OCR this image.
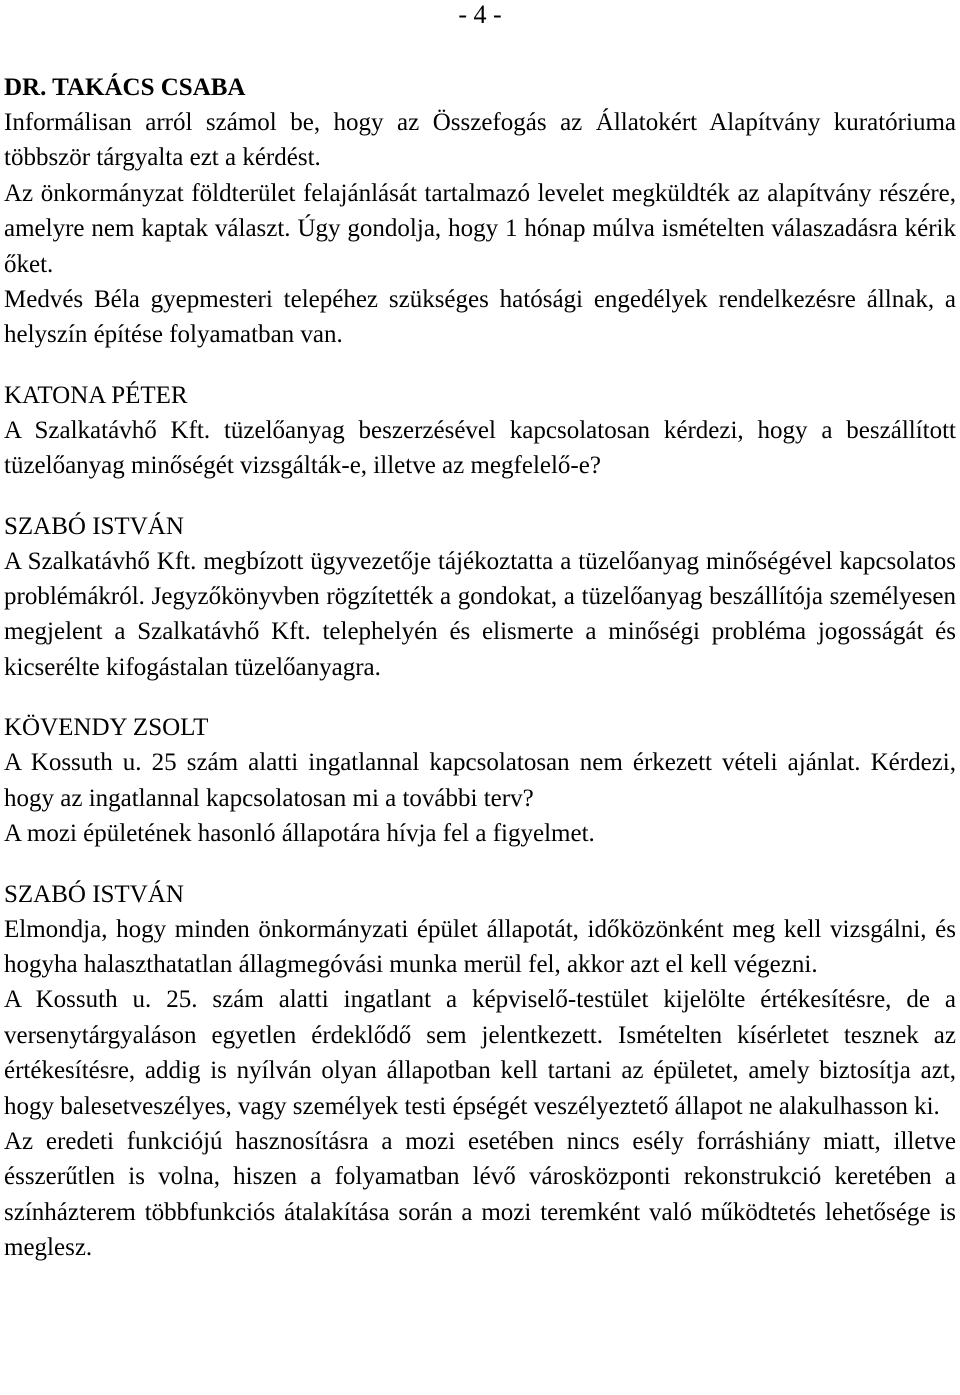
- 4 -
DR. TAKÁCS CSABA

Informálisan arról számol be, hogy az Összefogás az Állatokért Alapítvány kuratóriuma többször tárgyalta ezt a kérdést.

Az önkormányzat földterület felajánlását tartalmazó levelet megküldték az alapítvány részére, amelyre nem kaptak választ. Úgy gondolja, hogy 1 hónap múlva ismételten válaszadásra kérik őket.

Medvés Béla gyepmesteri telepéhez szükséges hatósági engedélyek rendelkezésre állnak, a helyszín építése folyamatban van.

KATONA PÉTER

A Szalkatávhő Kft. tüzelőanyag beszerzésével kapcsolatosan kérdezi, hogy a beszállított tüzelőanyag minőségét vizsgálták-e, illetve az megfelelő-e?

SZABÓ ISTVÁN

A Szalkatávhő Kft. megbízott ügyvezetője tájékoztatta a tüzelőanyag minőségével kapcsolatos problémákról. Jegyzőkönyvben rögzítették a gondokat, a tüzelőanyag beszállítója személyesen megjelent a Szalkatávhő Kft. telephelyén és elismerte a minőségi probléma jogosságát és kicserélte kifogástalan tüzelőanyagra.

KÖVENDY ZSOLT

A Kossuth u. 25 szám alatti ingatlannal kapcsolatosan nem érkezett vételi ajánlat. Kérdezi, hogy az ingatlannal kapcsolatosan mi a további terv?

A mozi épületének hasonló állapotára hívja fel a figyelmet.

SZABÓ ISTVÁN

Elmondja, hogy minden önkormányzati épület állapotát, időközönként meg kell vizsgálni, és hogyha halaszthatatlan állagmegóvási munka merül fel, akkor azt el kell végezni.

A Kossuth u. 25. szám alatti ingatlant a képviselő-testület kijelölte értékesítésre, de a versenytárgyaláson egyetlen érdeklődő sem jelentkezett. Ismételten kísérletet tesznek az értékesítésre, addig is nyílván olyan állapotban kell tartani az épületet, amely biztosítja azt, hogy balesetveszélyes, vagy személyek testi épségét veszélyeztető állapot ne alakulhasson ki.

Az eredeti funkciójú hasznosításra a mozi esetében nincs esély forráshiány miatt, illetve ésszerűtlen is volna, hiszen a folyamatban lévő városközponti rekonstrukció keretében a színházterem többfunkciós átalakítása során a mozi teremként való működtetés lehetősége is meglesz.
